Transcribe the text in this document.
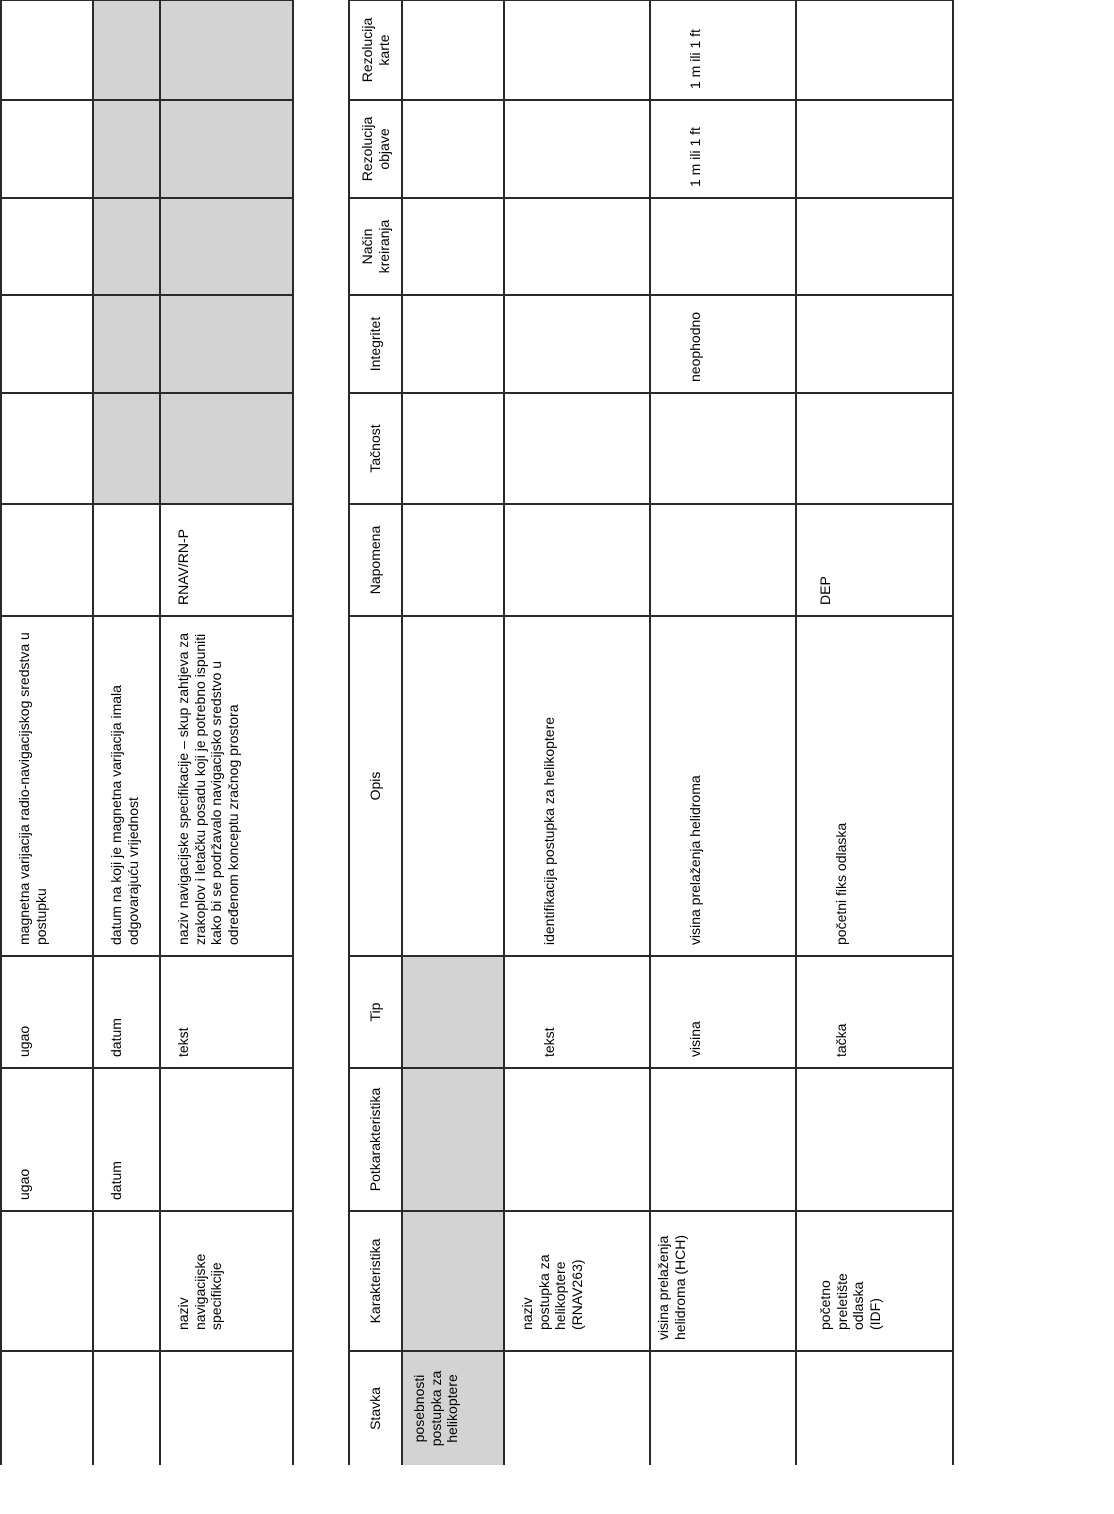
		ugao	ugao	magnetna varijacija radio-navigacijskog sredstva u postupku						
		datum	datum	datum na koji je magnetna varijacija imala odgovarajuću vrijednost						
	naziv navigacijske specifikcije		tekst	naziv navigacijske specifikacije – skup zahtjeva za zrakoplov i letačku posadu koji je potrebno ispuniti kako bi se podržavalo navigacijsko sredstvo u određenom konceptu zračnog prostora	RNAV/RN-P					
Stavka	Karakteristika	Potkarakteristika	Tip	Opis	Napomena	Tačnost	Integritet	Način kreiranja	Rezolucija objave	Rezolucija karte
posebnosti postupka za helikoptere										
	naziv postupka za helikoptere (RNAV263)		tekst	identifikacija postupka za helikoptere						
	visina prelaženja helidroma (HCH)		visina	visina prelaženja helidroma			neophodno		1 m ili 1 ft	1 m ili 1 ft
	početno preletište odlaska (IDF)		tačka	početni fiks odlaska	DEP					
